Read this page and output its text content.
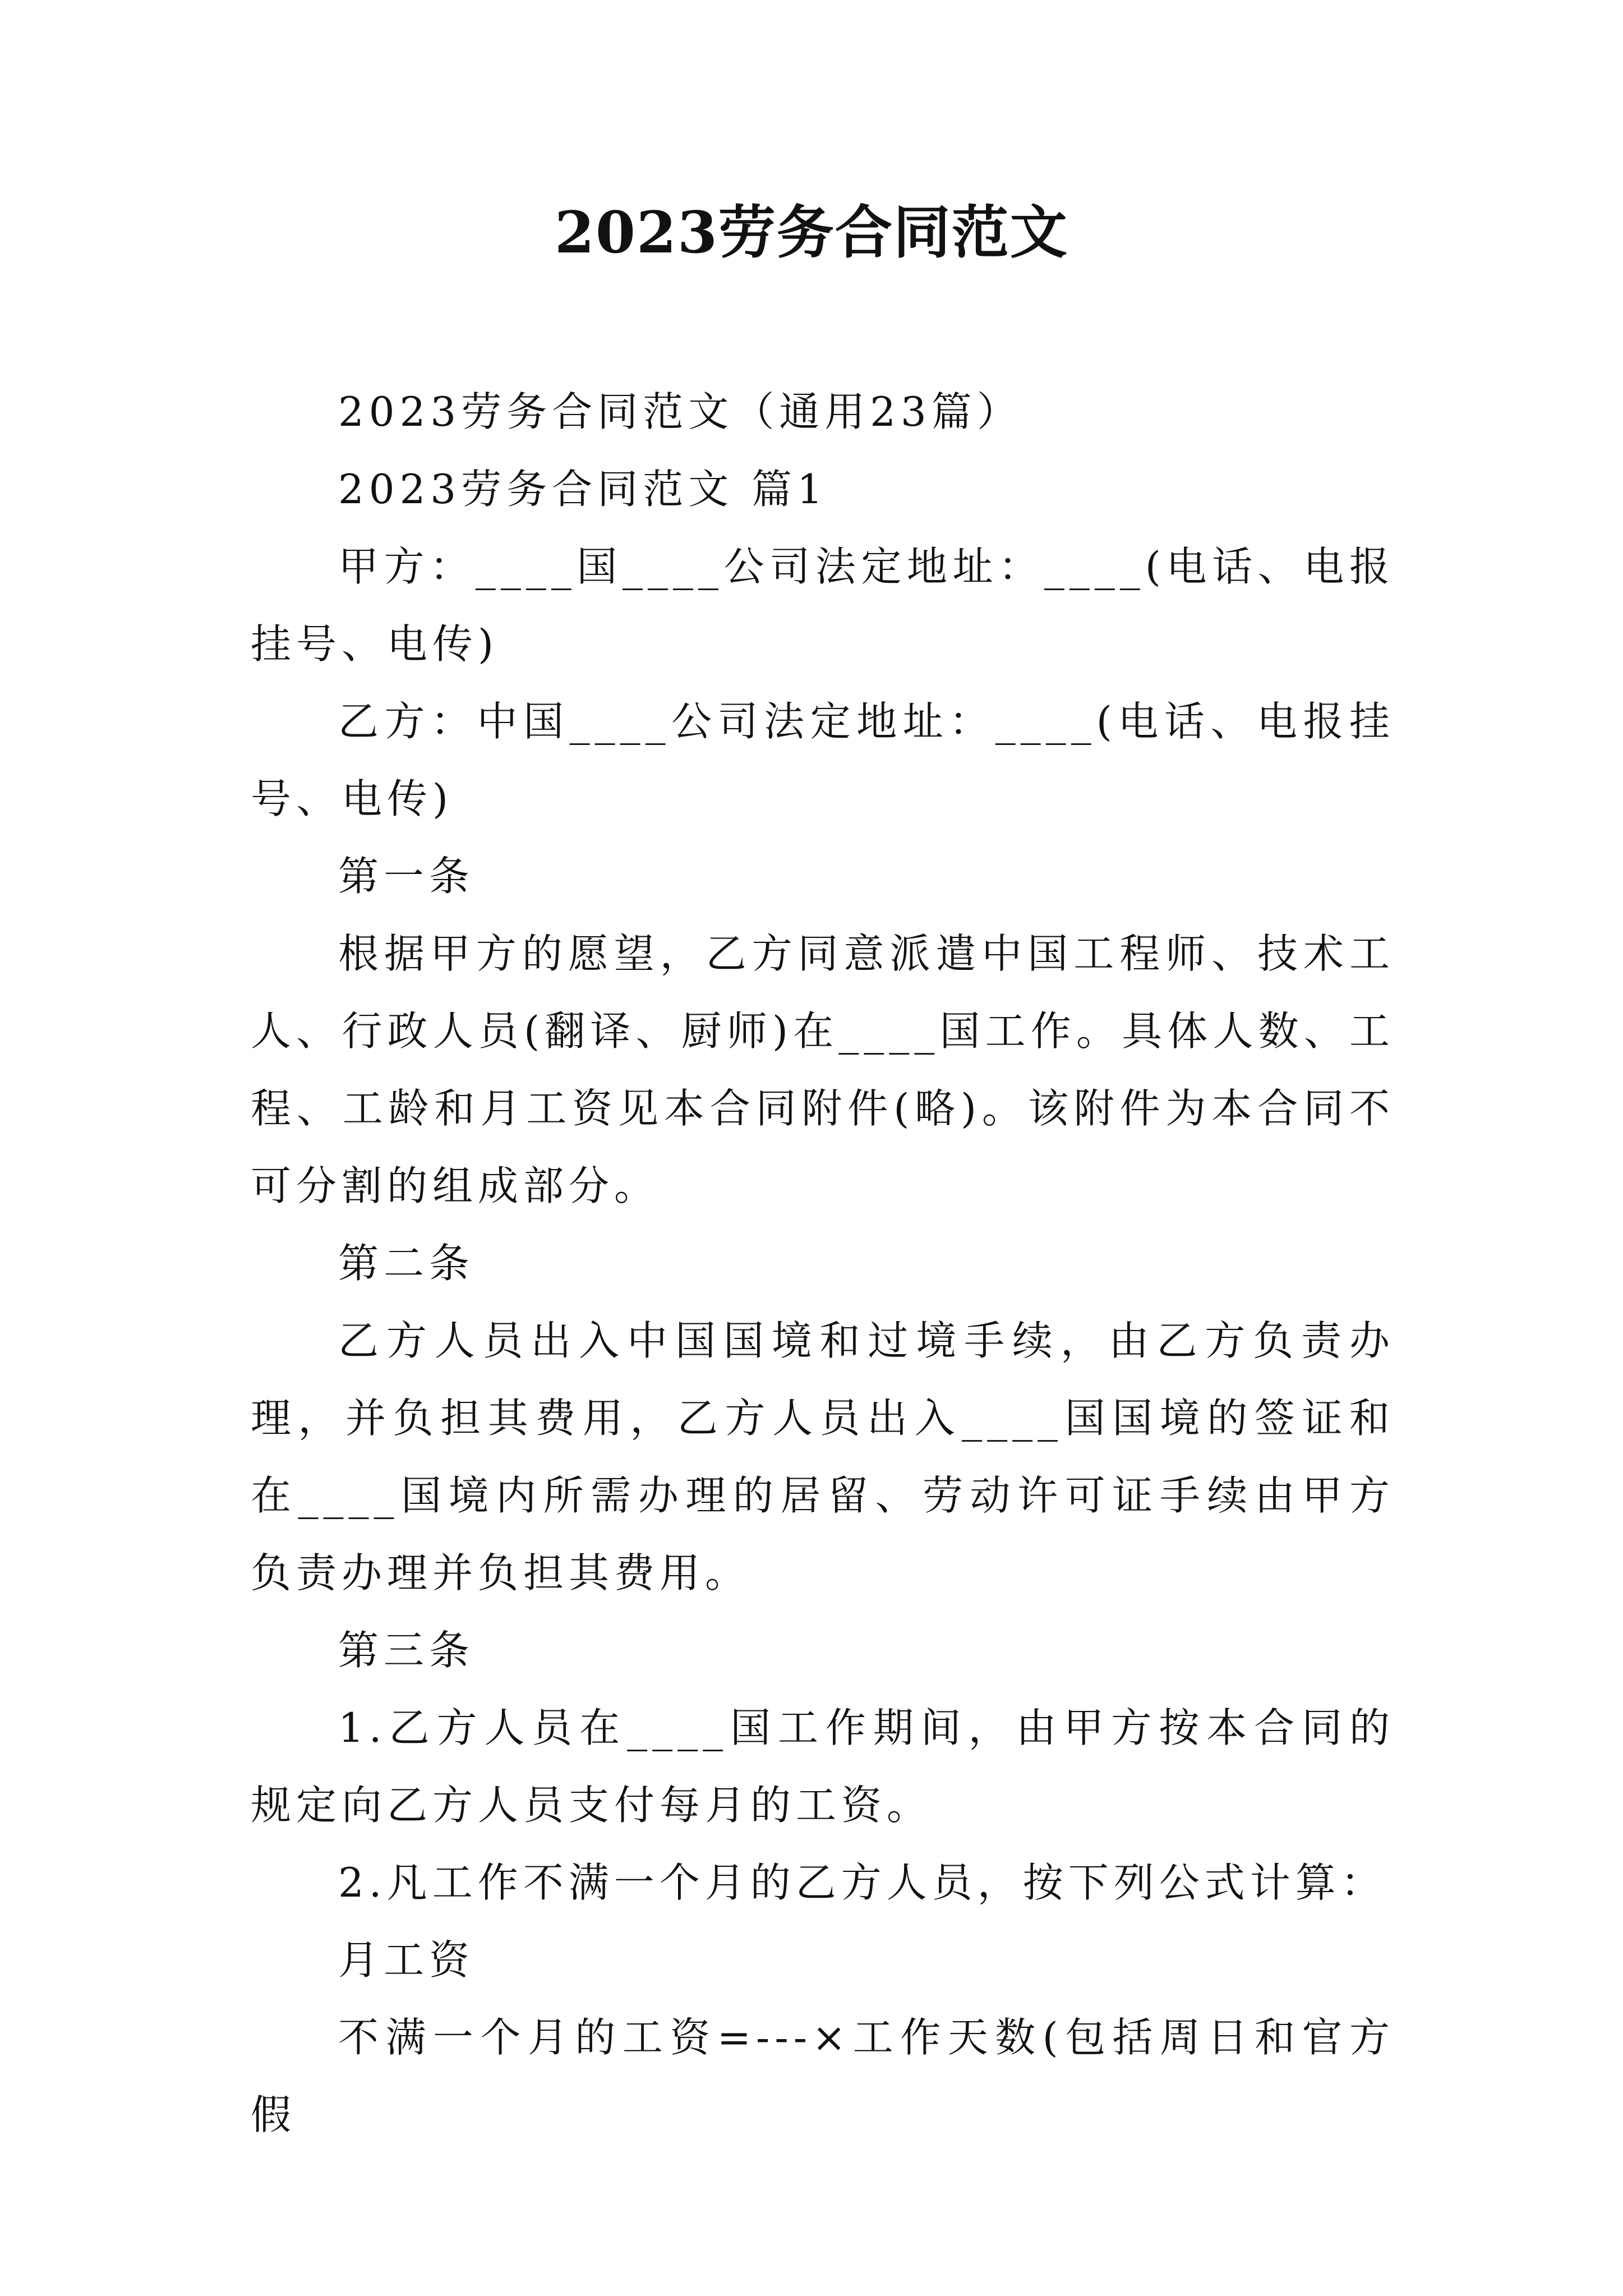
2023劳务合同范文

2023劳务合同范文（通用23篇）

2023劳务合同范文 篇1

甲方：____国____公司法定地址：____(电话、电报挂号、电传)

乙方：中国____公司法定地址：____(电话、电报挂号、电传)

第一条

根据甲方的愿望，乙方同意派遣中国工程师、技术工人、行政人员(翻译、厨师)在____国工作。具体人数、工程、工龄和月工资见本合同附件(略)。该附件为本合同不可分割的组成部分。

第二条

乙方人员出入中国国境和过境手续，由乙方负责办理，并负担其费用，乙方人员出入____国国境的签证和在____国境内所需办理的居留、劳动许可证手续由甲方负责办理并负担其费用。

第三条

1.乙方人员在____国工作期间，由甲方按本合同的规定向乙方人员支付每月的工资。

2.凡工作不满一个月的乙方人员，按下列公式计算：

月工资

不满一个月的工资=---×工作天数(包括周日和官方假
